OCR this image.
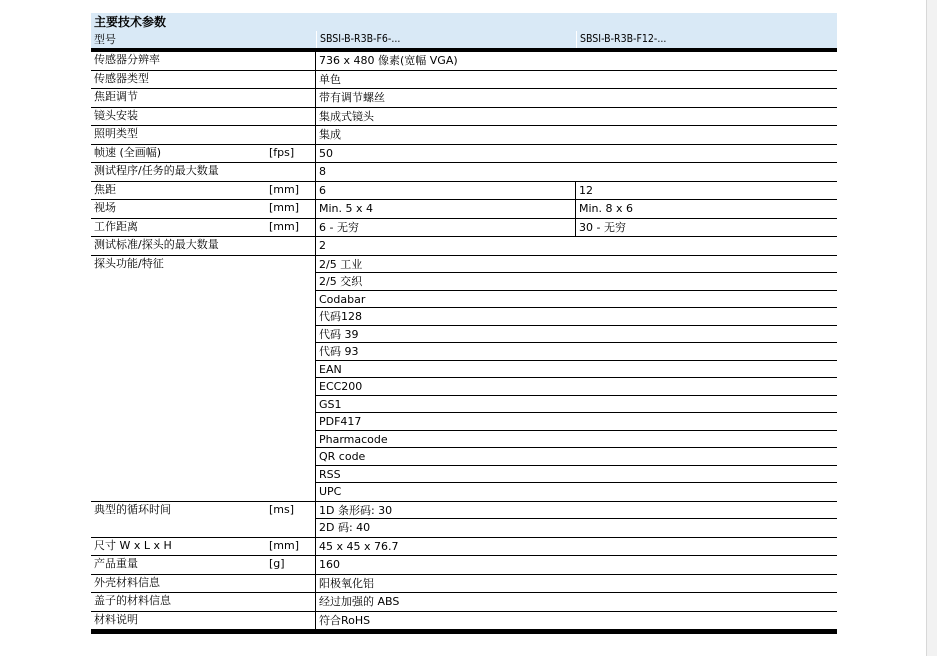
主要技术参数
型号	SBSI-B-R3B-F6-...	SBSI-B-R3B-F12-...
传感器分辨率	736 x 480 像素(宽幅 VGA)
传感器类型	单色
焦距调节	带有调节螺丝
镜头安装	集成式镜头
照明类型	集成
帧速 (全画幅)	[fps] 50
测试程序/任务的最大数量	8
焦距	[mm] 6	12
视场	[mm] Min. 5 x 4	Min. 8 x 6
工作距离	[mm] 6 - 无穷	30 - 无穷
测试标准/探头的最大数量	2
探头功能/特征	2/5 工业
2/5 交织
Codabar
代码128
代码 39
代码 93
EAN
ECC200
GS1
PDF417
Pharmacode
QR code
RSS
UPC
典型的循环时间	[ms] 1D 条形码: 30
2D 码: 40
尺寸 W x L x H	[mm] 45 x 45 x 76.7
产品重量	[g]	160
外壳材料信息	阳极氧化铝
盖子的材料信息	经过加强的 ABS
材料说明	符合RoHS
